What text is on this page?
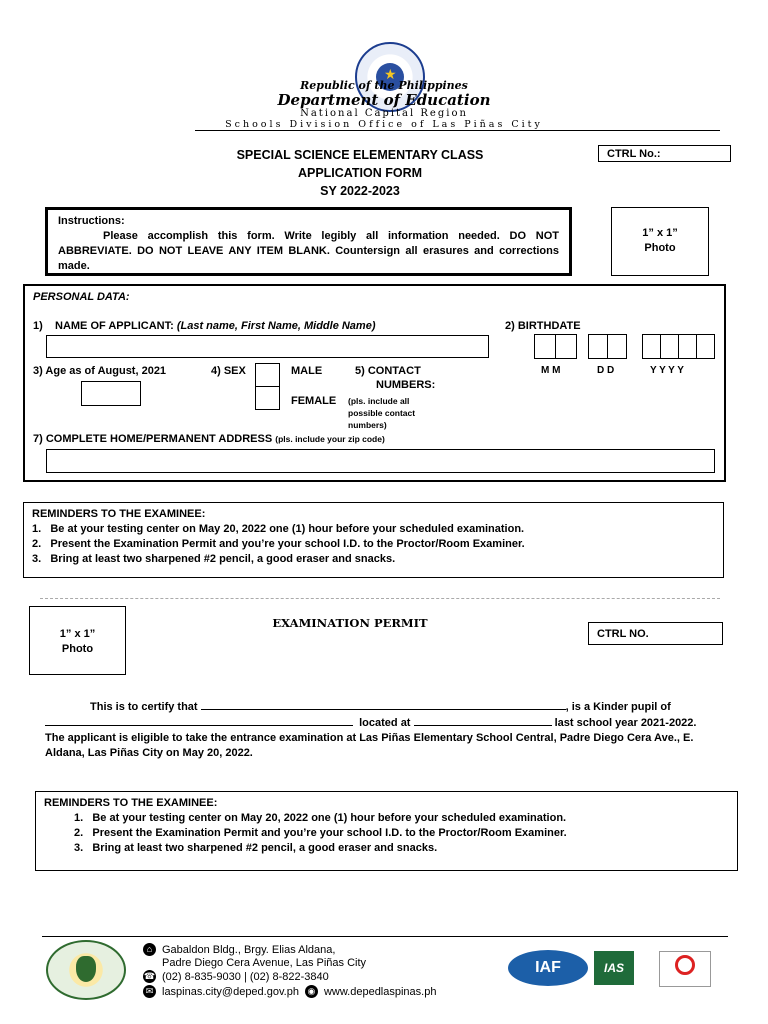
★
Republic of the Philippines
Department of Education
National Capital Region
Schools Division Office of Las Piñas City
SPECIAL SCIENCE ELEMENTARY CLASS
APPLICATION FORM
SY 2022-2023
CTRL No.:
Instructions:
Please accomplish this form. Write legibly all information needed. DO NOT ABBREVIATE. DO NOT LEAVE ANY ITEM BLANK. Countersign all erasures and corrections made.
1” x 1”
Photo
PERSONAL DATA:
1) NAME OF APPLICANT: (Last name, First Name, Middle Name)	2) BIRTHDATE
M M	D D	Y Y Y Y
3) Age as of August, 2021	4) SEX	MALE
FEMALE
5) CONTACT
NUMBERS:
(pls. include all
possible contact
numbers)
7) COMPLETE HOME/PERMANENT ADDRESS (pls. include your zip code)
REMINDERS TO THE EXAMINEE:
1. Be at your testing center on May 20, 2022 one (1) hour before your scheduled examination.
2. Present the Examination Permit and you’re your school I.D. to the Proctor/Room Examiner.
3. Bring at least two sharpened #2 pencil, a good eraser and snacks.
1” x 1”
Photo
EXAMINATION PERMIT
CTRL NO.
This is to certify that	, is a Kinder pupil of
located at	last school year 2021-2022.
The applicant is eligible to take the entrance examination at Las Piñas Elementary School Central, Padre Diego Cera Ave., E. Aldana, Las Piñas City on May 20, 2022.
REMINDERS TO THE EXAMINEE:
1. Be at your testing center on May 20, 2022 one (1) hour before your scheduled examination.
2. Present the Examination Permit and you’re your school I.D. to the Proctor/Room Examiner.
3. Bring at least two sharpened #2 pencil, a good eraser and snacks.
⌂ Gabaldon Bldg., Brgy. Elias Aldana,
Padre Diego Cera Avenue, Las Piñas City
☎ (02) 8-835-9030 | (02) 8-822-3840
✉ laspinas.city@deped.gov.ph ◉ www.depedlaspinas.ph
IAF	IAS
